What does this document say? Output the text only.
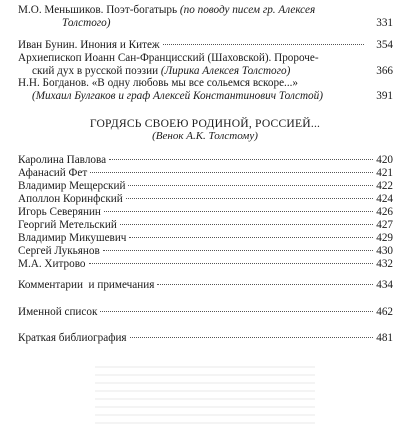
М.О. Меньшиков. Поэт-богатырь (по поводу писем гр. Алексея
Толстого)	331
Иван Бунин. Инония и Китеж	354
Архиепископ Иоанн Сан-Францисский (Шаховской). Пророче-
ский дух в русской поэзии (Лирика Алексея Толстого)	366
Н.Н. Богданов. «В одну любовь мы все сольемся вскоре...»
(Михаил Булгаков и граф Алексей Константинович Толстой)	391
ГОРДЯСЬ СВОЕЮ РОДИНОЙ, РОССИЕЙ...
(Венок А.К. Толстому)
Каролина Павлова	420
Афанасий Фет	421
Владимир Мещерский	422
Аполлон Коринфский	424
Игорь Северянин	426
Георгий Метельский	427
Владимир Микушевич	429
Сергей Лукьянов	430
М.А. Хитрово	432
Комментарии  и примечания	434
Именной список	462
Краткая библиография	481
